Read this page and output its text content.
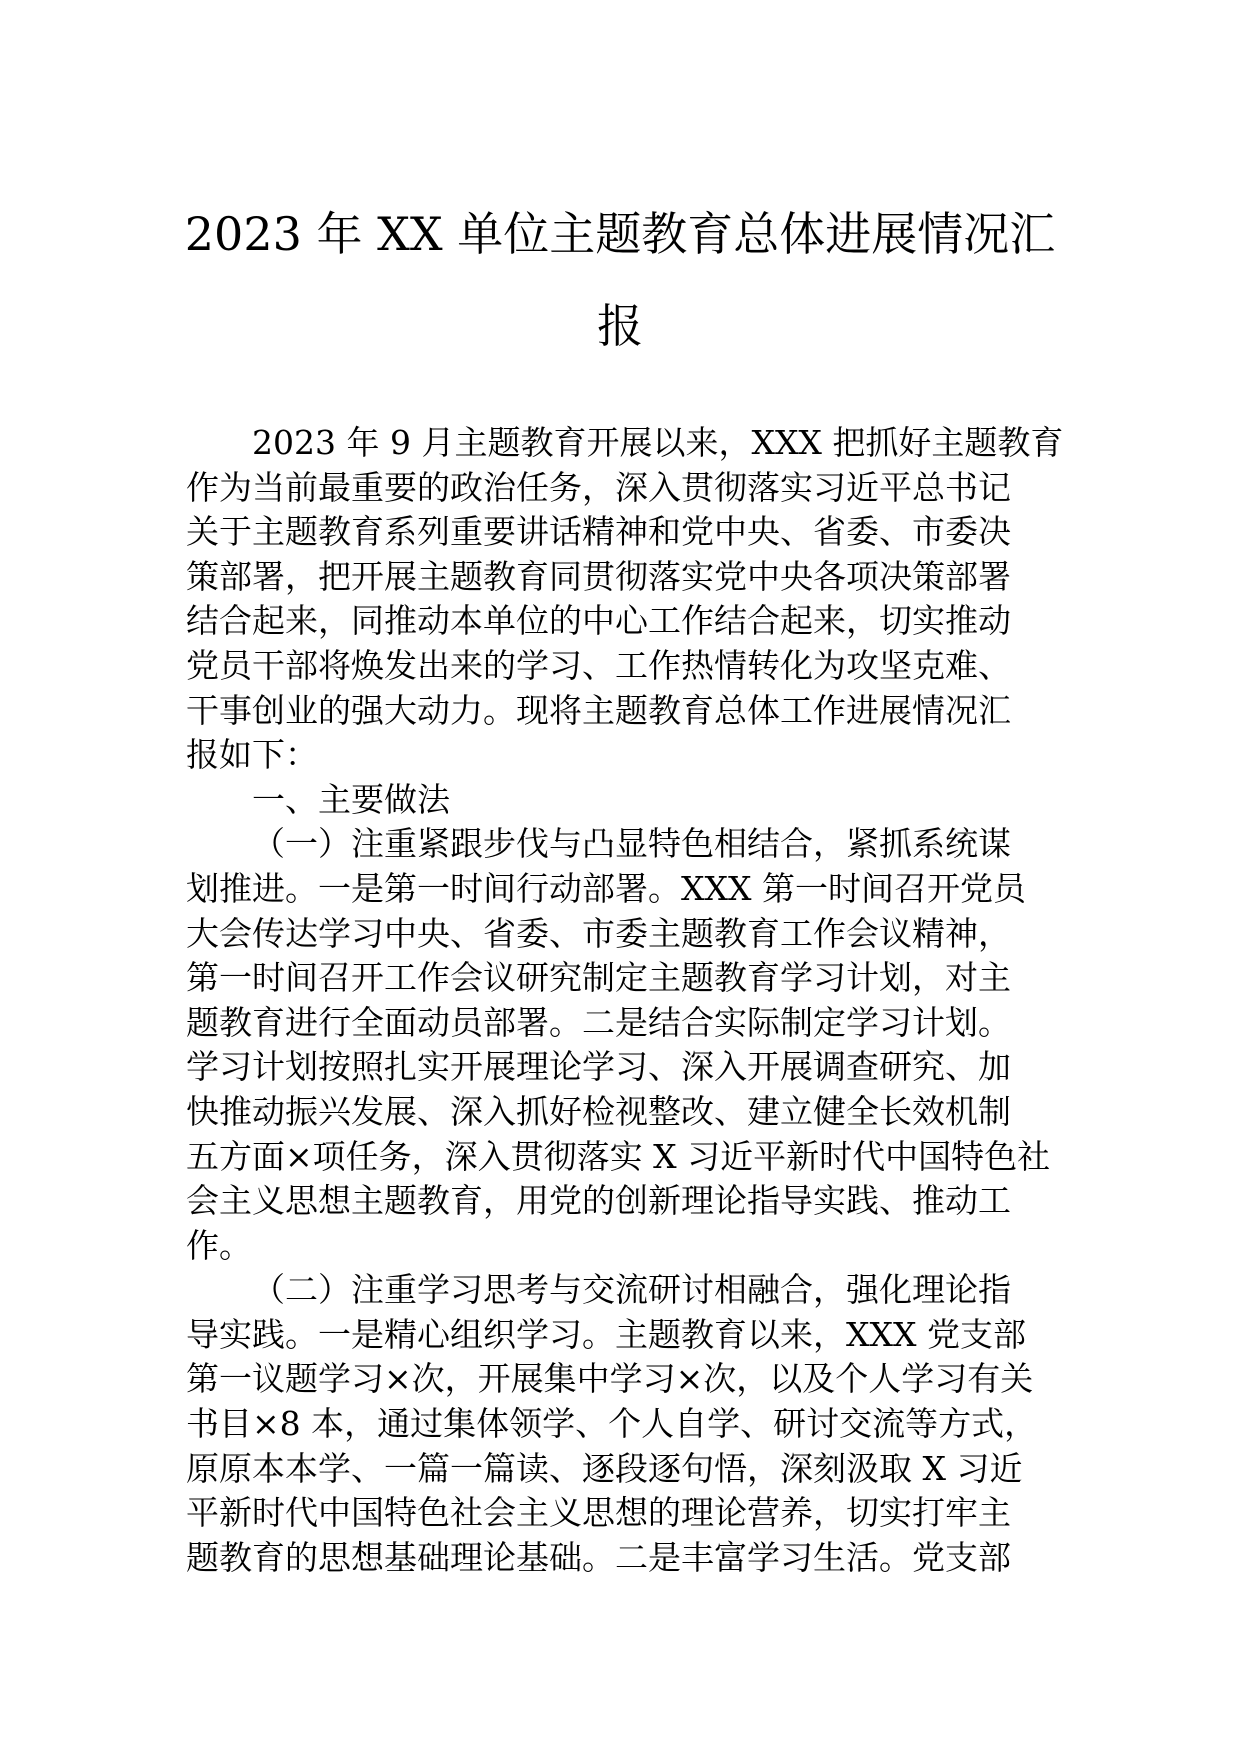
2023 年 XX 单位主题教育总体进展情况汇

报

2023 年 9 月主题教育开展以来，XXX 把抓好主题教育

作为当前最重要的政治任务，深入贯彻落实习近平总书记

关于主题教育系列重要讲话精神和党中央、省委、市委决

策部署，把开展主题教育同贯彻落实党中央各项决策部署

结合起来，同推动本单位的中心工作结合起来，切实推动

党员干部将焕发出来的学习、工作热情转化为攻坚克难、

干事创业的强大动力。现将主题教育总体工作进展情况汇

报如下：

一、主要做法

（一）注重紧跟步伐与凸显特色相结合，紧抓系统谋

划推进。一是第一时间行动部署。XXX 第一时间召开党员

大会传达学习中央、省委、市委主题教育工作会议精神，

第一时间召开工作会议研究制定主题教育学习计划，对主

题教育进行全面动员部署。二是结合实际制定学习计划。

学习计划按照扎实开展理论学习、深入开展调查研究、加

快推动振兴发展、深入抓好检视整改、建立健全长效机制

五方面×项任务，深入贯彻落实 X 习近平新时代中国特色社

会主义思想主题教育，用党的创新理论指导实践、推动工

作。

（二）注重学习思考与交流研讨相融合，强化理论指

导实践。一是精心组织学习。主题教育以来，XXX 党支部

第一议题学习×次，开展集中学习×次，以及个人学习有关

书目×8 本，通过集体领学、个人自学、研讨交流等方式，

原原本本学、一篇一篇读、逐段逐句悟，深刻汲取 X 习近

平新时代中国特色社会主义思想的理论营养，切实打牢主

题教育的思想基础理论基础。二是丰富学习生活。党支部
